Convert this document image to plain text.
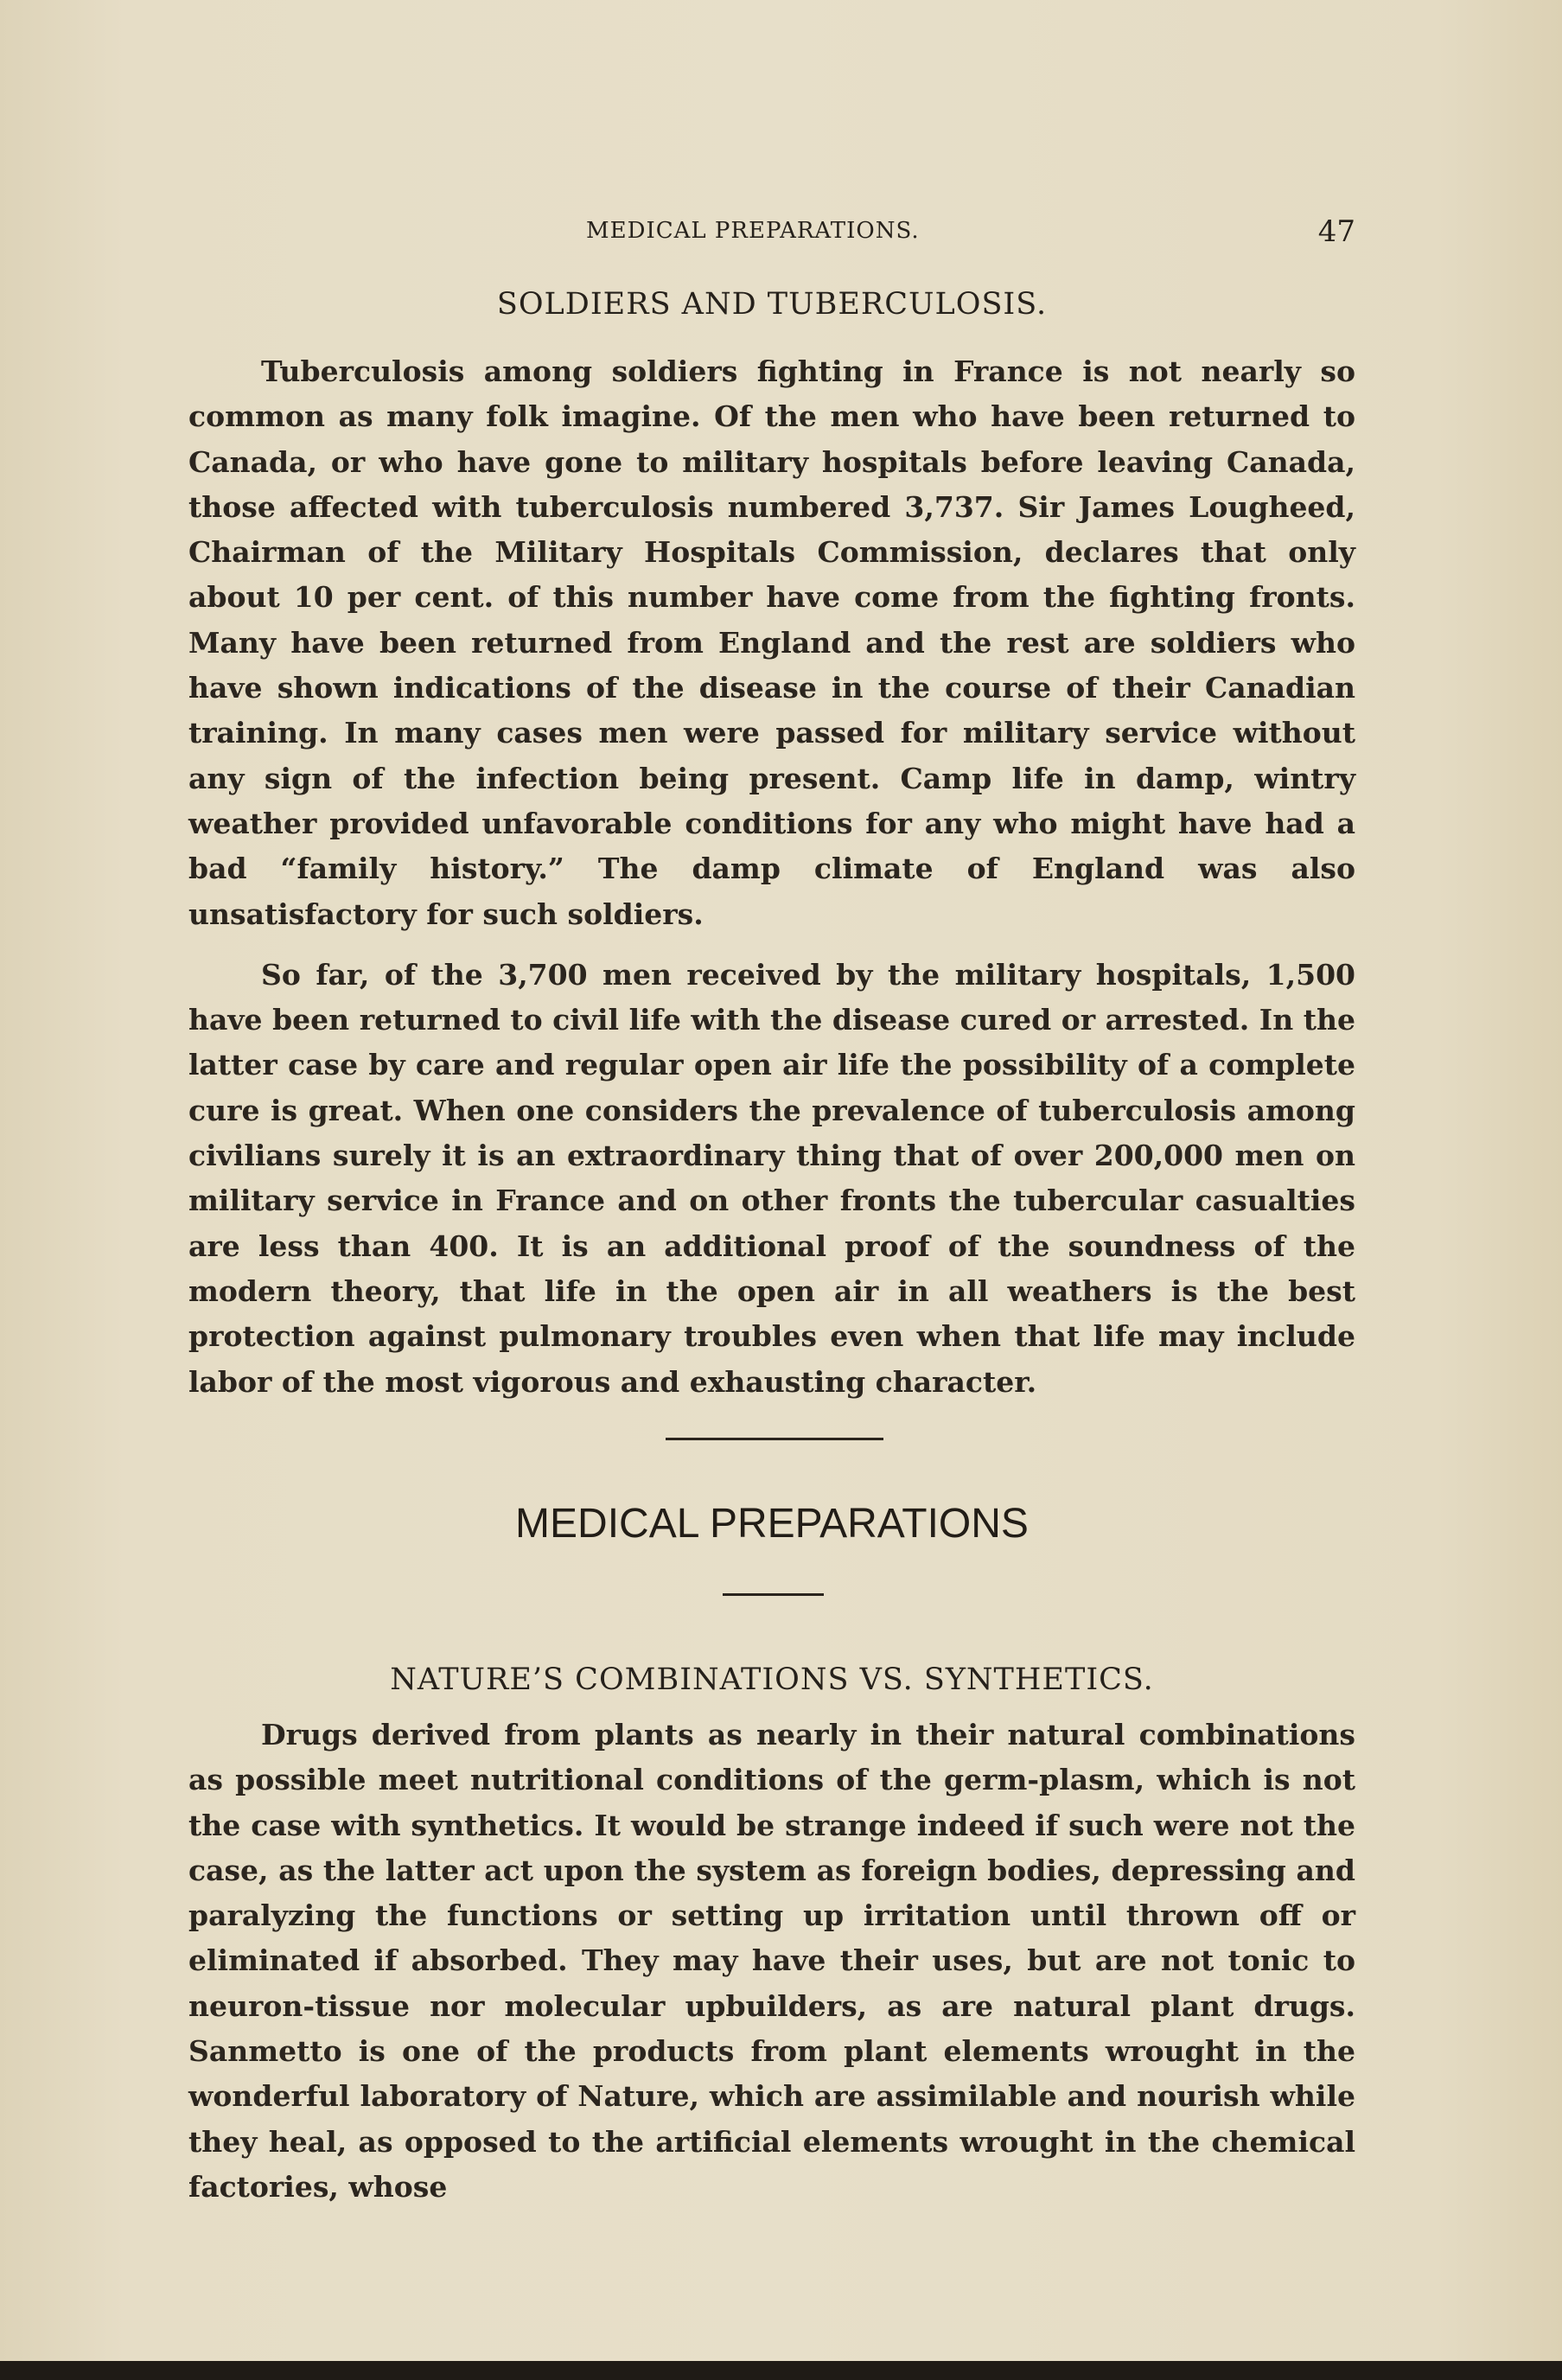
MEDICAL PREPARATIONS.	47
SOLDIERS AND TUBERCULOSIS.

Tuberculosis among soldiers fighting in France is not nearly so common as many folk imagine. Of the men who have been returned to Canada, or who have gone to military hospitals before leaving Canada, those affected with tuberculosis numbered 3,737. Sir James Lougheed, Chairman of the Military Hospitals Commission, declares that only about 10 per cent. of this number have come from the fighting fronts. Many have been returned from England and the rest are soldiers who have shown indications of the disease in the course of their Canadian training. In many cases men were passed for military service without any sign of the infection being present. Camp life in damp, wintry weather provided unfavorable conditions for any who might have had a bad “family history.” The damp climate of England was also unsatisfactory for such soldiers.

So far, of the 3,700 men received by the military hospitals, 1,500 have been returned to civil life with the disease cured or arrested. In the latter case by care and regular open air life the possibility of a complete cure is great. When one considers the prevalence of tuberculosis among civilians surely it is an extraordinary thing that of over 200,000 men on military service in France and on other fronts the tubercular casualties are less than 400. It is an additional proof of the soundness of the modern theory, that life in the open air in all weathers is the best protection against pulmonary troubles even when that life may include labor of the most vigorous and exhausting character.

MEDICAL PREPARATIONS
NATURE’S COMBINATIONS VS. SYNTHETICS.

Drugs derived from plants as nearly in their natural combinations as possible meet nutritional conditions of the germ-plasm, which is not the case with synthetics. It would be strange indeed if such were not the case, as the latter act upon the system as foreign bodies, depressing and paralyzing the functions or setting up irritation until thrown off or eliminated if absorbed. They may have their uses, but are not tonic to neuron-tissue nor molecular upbuilders, as are natural plant drugs. Sanmetto is one of the products from plant elements wrought in the wonderful laboratory of Nature, which are assimilable and nourish while they heal, as opposed to the artificial elements wrought in the chemical factories, whose
